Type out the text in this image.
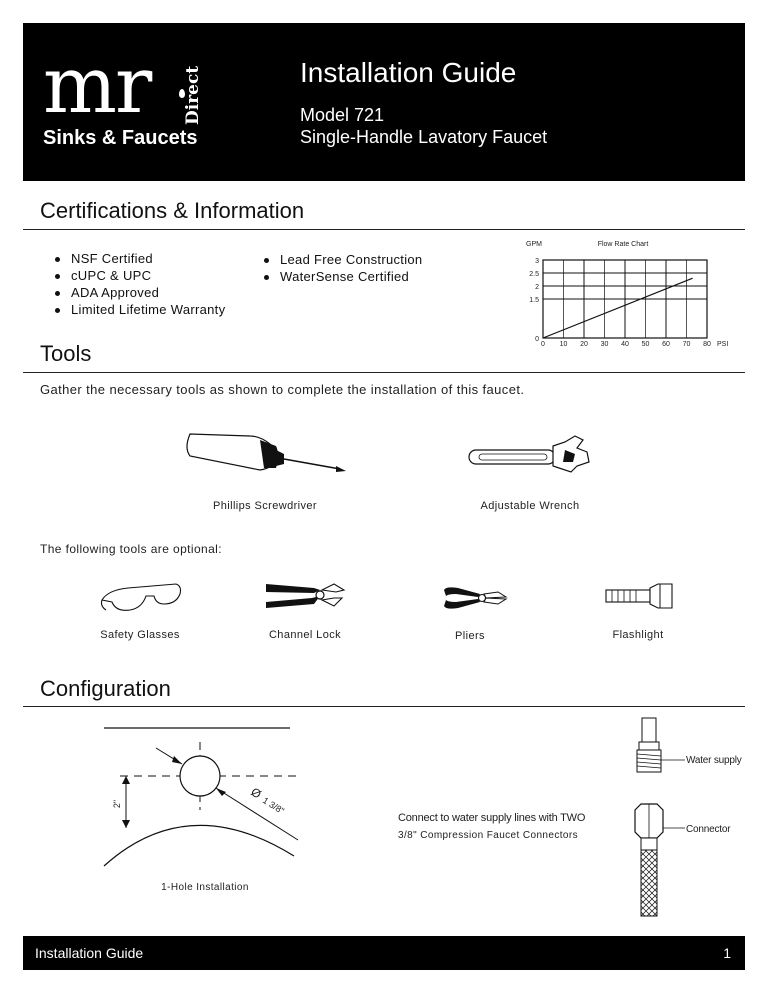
mr Direct
Sinks & Faucets
Installation Guide
Model 721
Single-Handle Lavatory Faucet
Certifications & Information
NSF Certified
cUPC & UPC
ADA Approved
Limited Lifetime Warranty
Lead Free Construction
WaterSense Certified
Flow Rate Chart
GPM
PSI
0 10 20 30 40 50 60 70 80
0
1.5
2
2.5
3
Tools
Gather the necessary tools as shown to complete the installation of this faucet.
Phillips Screwdriver	Adjustable Wrench
The following tools are optional:
Safety Glasses	Channel Lock	Pliers	Flashlight
Configuration
2"
Ø
1 3/8"
1-Hole Installation
Connect to water supply lines with TWO
3/8" Compression Faucet Connectors
Water supply
Connector
Installation Guide	1
